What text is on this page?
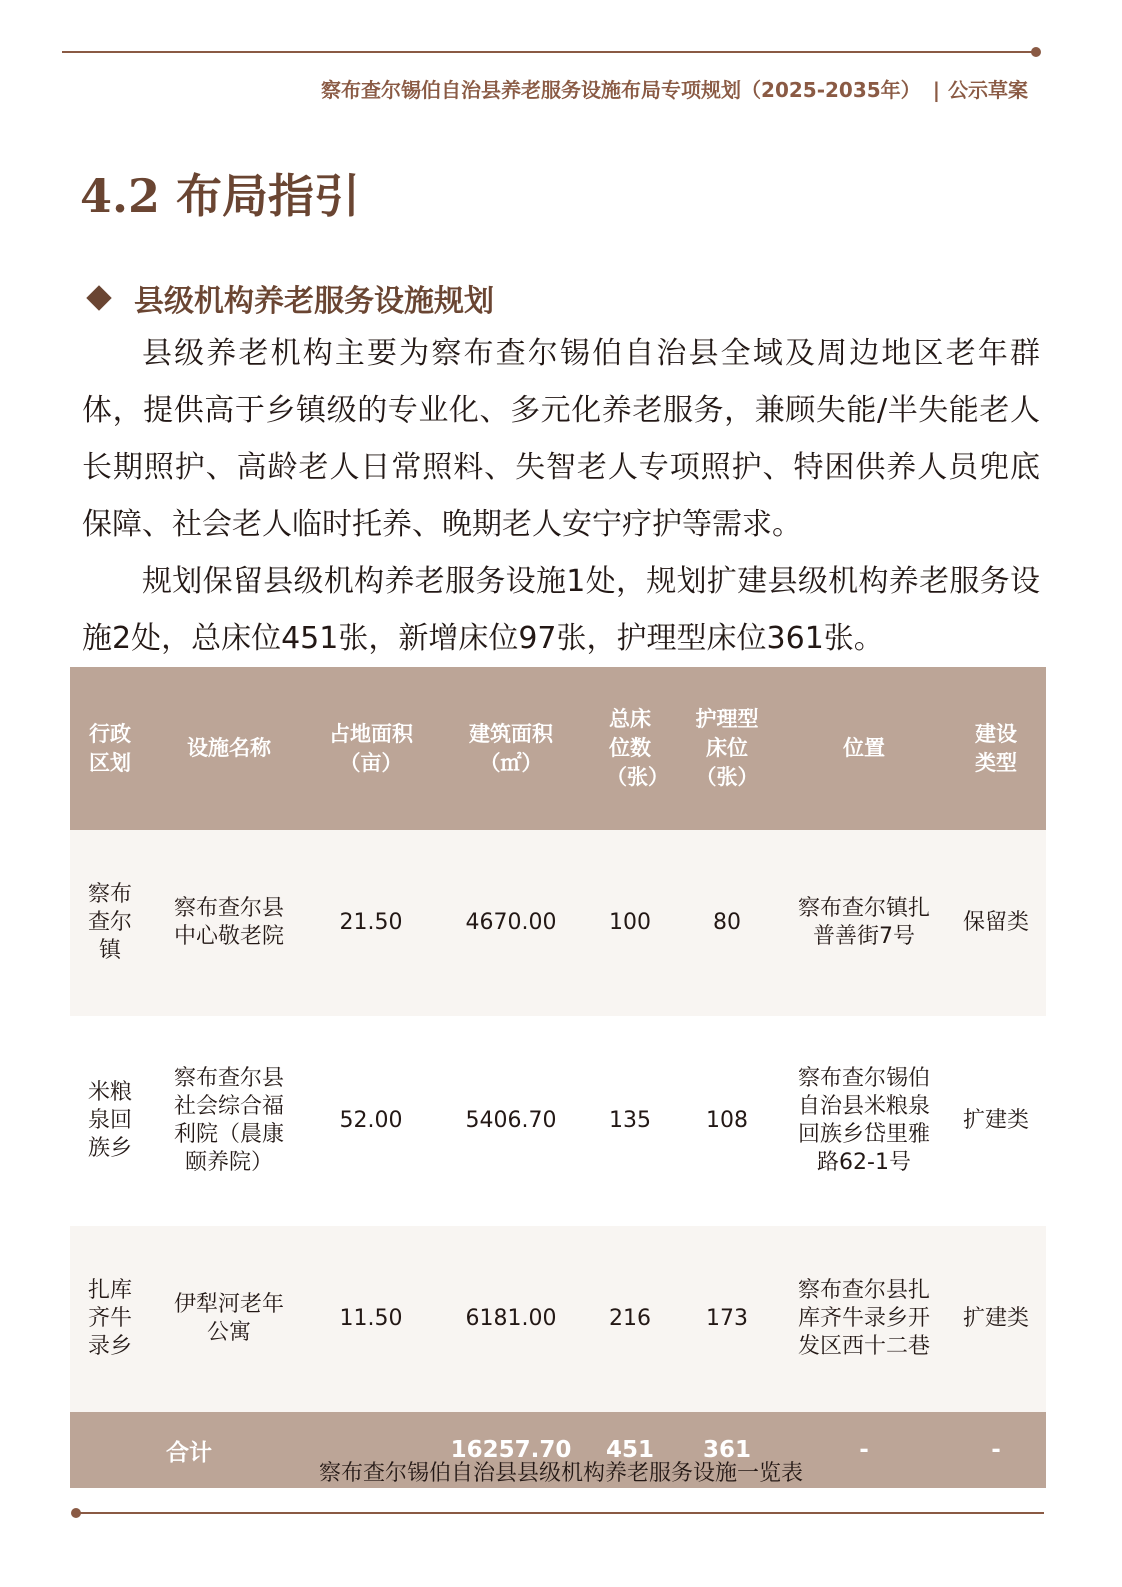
察布查尔锡伯自治县养老服务设施布局专项规划（2025-2035年） | 公示草案
4.2 布局指引
县级机构养老服务设施规划

县级养老机构主要为察布查尔锡伯自治县全域及周边地区老年群体，提供高于乡镇级的专业化、多元化养老服务，兼顾失能/半失能老人长期照护、高龄老人日常照料、失智老人专项照护、特困供养人员兜底保障、社会老人临时托养、晚期老人安宁疗护等需求。

规划保留县级机构养老服务设施1处，规划扩建县级机构养老服务设施2处，总床位451张，新增床位97张，护理型床位361张。

行政区划	设施名称	占地面积（亩）	建筑面积（㎡）	总床位数（张）	护理型床位（张）	位置	建设类型
察布查尔镇	察布查尔县中心敬老院	21.50	4670.00	100	80	察布查尔镇扎普善街7号	保留类
米粮泉回族乡	察布查尔县社会综合福利院（晨康颐养院）	52.00	5406.70	135	108	察布查尔锡伯自治县米粮泉回族乡岱里雅路62-1号	扩建类
扎库齐牛录乡	伊犁河老年公寓	11.50	6181.00	216	173	察布查尔县扎库齐牛录乡开发区西十二巷	扩建类
合计			16257.70	451	361	-	-
察布查尔锡伯自治县县级机构养老服务设施一览表
